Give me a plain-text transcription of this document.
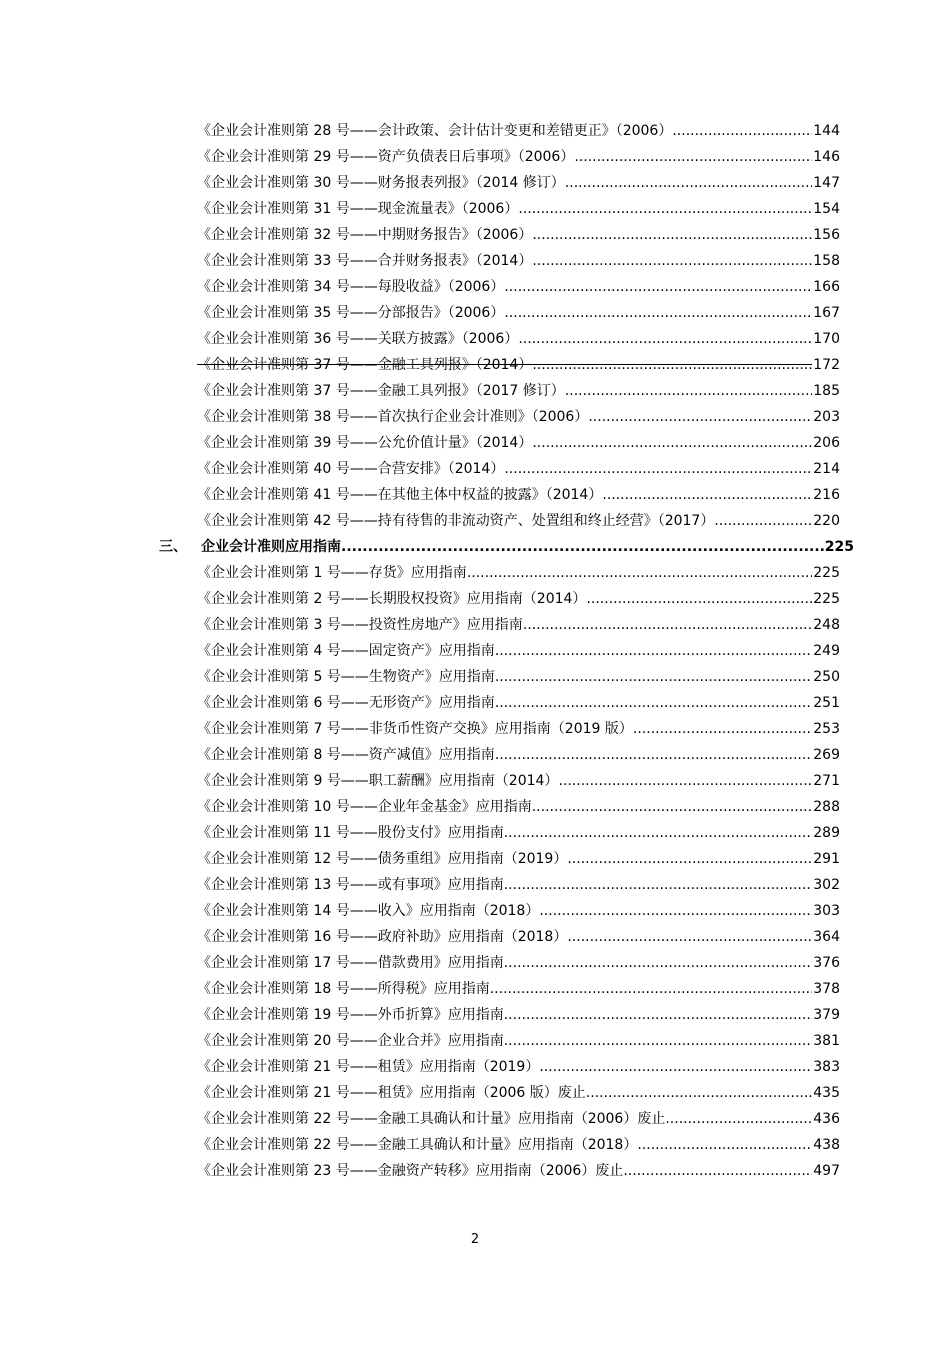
《企业会计准则第 28 号——会计政策、会计估计变更和差错更正》（2006） .....	144
《企业会计准则第 29 号——资产负债表日后事项》（2006） .....	146
《企业会计准则第 30 号——财务报表列报》（2014 修订） .....	147
《企业会计准则第 31 号——现金流量表》（2006） .....	154
《企业会计准则第 32 号——中期财务报告》（2006） .....	156
《企业会计准则第 33 号——合并财务报表》（2014） .....	158
《企业会计准则第 34 号——每股收益》（2006） .....	166
《企业会计准则第 35 号——分部报告》（2006） .....	167
《企业会计准则第 36 号——关联方披露》（2006） .....	170
《企业会计准则第 37 号——金融工具列报》（2014） .....	172
《企业会计准则第 37 号——金融工具列报》（2017 修订） .....	185
《企业会计准则第 38 号——首次执行企业会计准则》（2006） .....	203
《企业会计准则第 39 号——公允价值计量》（2014） .....	206
《企业会计准则第 40 号——合营安排》（2014） .....	214
《企业会计准则第 41 号——在其他主体中权益的披露》（2014） .....	216
《企业会计准则第 42 号——持有待售的非流动资产、处置组和终止经营》（2017） .....	220
三、	企业会计准则应用指南 .....	225
《企业会计准则第 1 号——存货》应用指南 .....	225
《企业会计准则第 2 号——长期股权投资》应用指南（2014） .....	225
《企业会计准则第 3 号——投资性房地产》应用指南 .....	248
《企业会计准则第 4 号——固定资产》应用指南 .....	249
《企业会计准则第 5 号——生物资产》应用指南 .....	250
《企业会计准则第 6 号——无形资产》应用指南 .....	251
《企业会计准则第 7 号——非货币性资产交换》应用指南（2019 版） .....	253
《企业会计准则第 8 号——资产减值》应用指南 .....	269
《企业会计准则第 9 号——职工薪酬》应用指南（2014） .....	271
《企业会计准则第 10 号——企业年金基金》应用指南 .....	288
《企业会计准则第 11 号——股份支付》应用指南 .....	289
《企业会计准则第 12 号——债务重组》应用指南（2019） .....	291
《企业会计准则第 13 号——或有事项》应用指南 .....	302
《企业会计准则第 14 号——收入》应用指南（2018） .....	303
《企业会计准则第 16 号——政府补助》应用指南（2018） .....	364
《企业会计准则第 17 号——借款费用》应用指南 .....	376
《企业会计准则第 18 号——所得税》应用指南 .....	378
《企业会计准则第 19 号——外币折算》应用指南 .....	379
《企业会计准则第 20 号——企业合并》应用指南 .....	381
《企业会计准则第 21 号——租赁》应用指南（2019） .....	383
《企业会计准则第 21 号——租赁》应用指南（2006 版）废止 .....	435
《企业会计准则第 22 号——金融工具确认和计量》应用指南（2006）废止 .....	436
《企业会计准则第 22 号——金融工具确认和计量》应用指南（2018） .....	438
《企业会计准则第 23 号——金融资产转移》应用指南（2006）废止 .....	497
2
